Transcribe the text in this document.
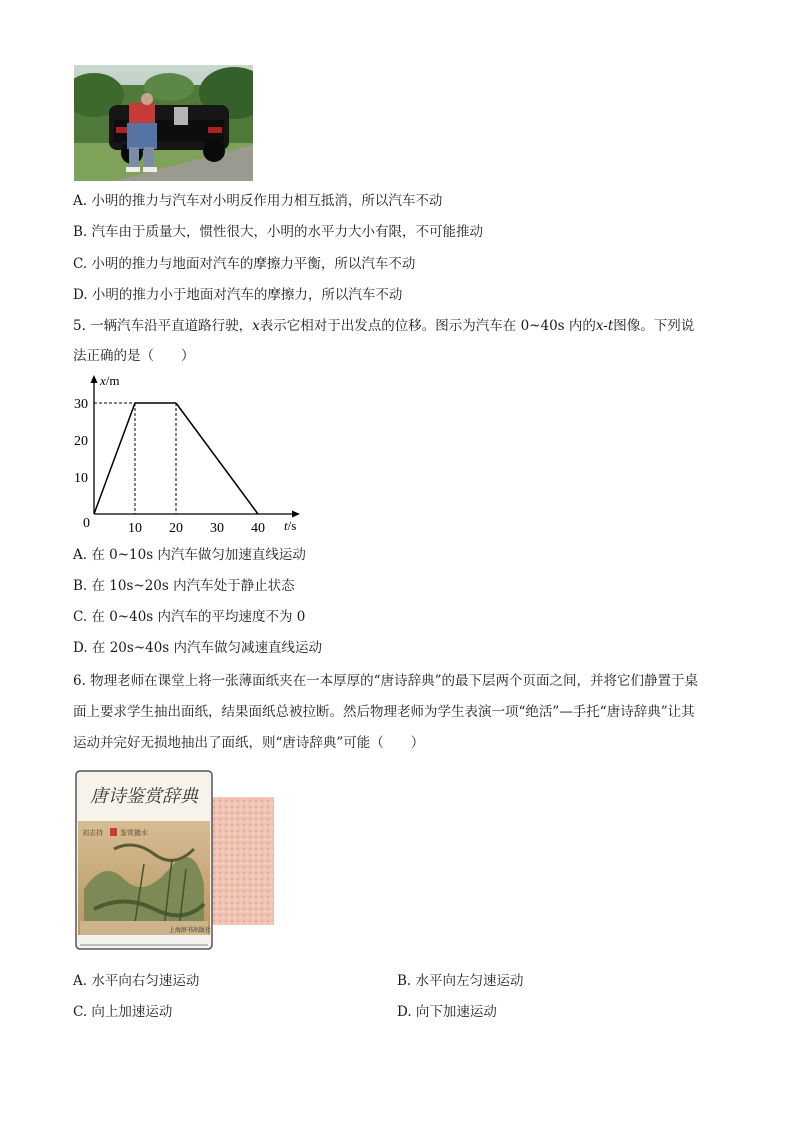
A. 小明的推力与汽车对小明反作用力相互抵消，所以汽车不动
B. 汽车由于质量大，惯性很大，小明的水平力大小有限，不可能推动
C. 小明的推力与地面对汽车的摩擦力平衡，所以汽车不动
D. 小明的推力小于地面对汽车的摩擦力，所以汽车不动
5. 一辆汽车沿平直道路行驶，x表示它相对于出发点的位移。图示为汽车在 0~40s 内的x-t图像。下列说
法正确的是（　　）
10 20 30 40
10
20
30
0
x/m
t/s
A. 在 0~10s 内汽车做匀加速直线运动
B. 在 10s~20s 内汽车处于静止状态
C. 在 0~40s 内汽车的平均速度不为 0
D. 在 20s~40s 内汽车做匀减速直线运动
6. 物理老师在课堂上将一张薄面纸夹在一本厚厚的“唐诗辞典”的最下层两个页面之间，并将它们静置于桌
面上要求学生抽出面纸，结果面纸总被拉断。然后物理老师为学生表演一项“绝活”—手托“唐诗辞典”让其
运动并完好无损地抽出了面纸，则“唐诗辞典”可能（　　）
唐诗鉴赏辞典
刘志持 鉴赏撮水
上海辞书出版社
A. 水平向右匀速运动	B. 水平向左匀速运动
C. 向上加速运动	D. 向下加速运动
